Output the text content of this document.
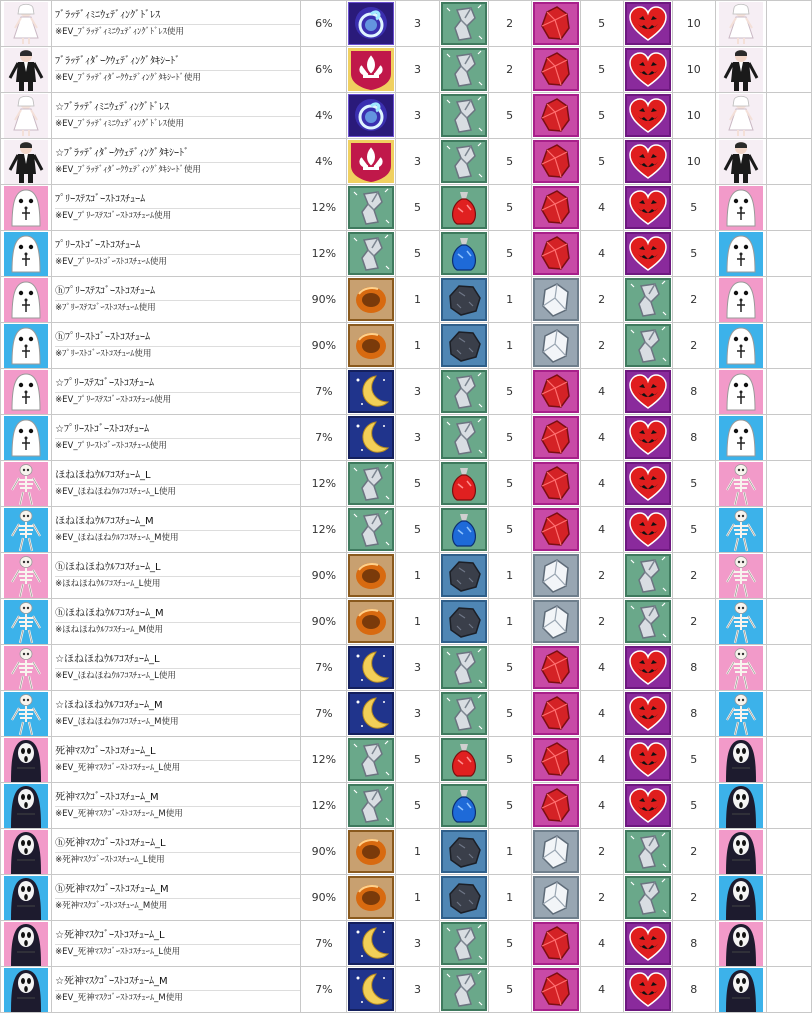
ﾌﾞﾗｯﾃﾞｨﾐﾆｳｪﾃﾞｨﾝｸﾞﾄﾞﾚｽ
※EV_ﾌﾞﾗｯﾃﾞｨﾐﾆｳｪﾃﾞｨﾝｸﾞﾄﾞﾚｽ使用	6%		3		2		5		10	

ﾌﾞﾗｯﾃﾞｨﾀﾞｰｸｳｪﾃﾞｨﾝｸﾞﾀｷｼｰﾄﾞ
※EV_ﾌﾞﾗｯﾃﾞｨﾀﾞｰｸｳｪﾃﾞｨﾝｸﾞﾀｷｼｰﾄﾞ使用	6%		3		2		5		10	

☆ﾌﾞﾗｯﾃﾞｨﾐﾆｳｪﾃﾞｨﾝｸﾞﾄﾞﾚｽ
※EV_ﾌﾞﾗｯﾃﾞｨﾐﾆｳｪﾃﾞｨﾝｸﾞﾄﾞﾚｽ使用	4%		3		5		5		10	

☆ﾌﾞﾗｯﾃﾞｨﾀﾞｰｸｳｪﾃﾞｨﾝｸﾞﾀｷｼｰﾄﾞ
※EV_ﾌﾞﾗｯﾃﾞｨﾀﾞｰｸｳｪﾃﾞｨﾝｸﾞﾀｷｼｰﾄﾞ使用	4%		3		5		5		10	

ﾌﾟﾘｰｽﾃｽｺﾞｰｽﾄｺｽﾁｭｰﾑ
※EV_ﾌﾟﾘｰｽﾃｽｺﾞｰｽﾄｺｽﾁｭｰﾑ使用	12%		5		5		4		5	

ﾌﾟﾘｰｽﾄｺﾞｰｽﾄｺｽﾁｭｰﾑ
※EV_ﾌﾟﾘｰｽﾄｺﾞｰｽﾄｺｽﾁｭｰﾑ使用	12%		5		5		4		5	

ⓗﾌﾟﾘｰｽﾃｽｺﾞｰｽﾄｺｽﾁｭｰﾑ
※ﾌﾟﾘｰｽﾃｽｺﾞｰｽﾄｺｽﾁｭｰﾑ使用	90%		1		1		2		2	

ⓗﾌﾟﾘｰｽﾄｺﾞｰｽﾄｺｽﾁｭｰﾑ
※ﾌﾟﾘｰｽﾄｺﾞｰｽﾄｺｽﾁｭｰﾑ使用	90%		1		1		2		2	

☆ﾌﾟﾘｰｽﾃｽｺﾞｰｽﾄｺｽﾁｭｰﾑ
※EV_ﾌﾟﾘｰｽﾃｽｺﾞｰｽﾄｺｽﾁｭｰﾑ使用	7%		3		5		4		8	

☆ﾌﾟﾘｰｽﾄｺﾞｰｽﾄｺｽﾁｭｰﾑ
※EV_ﾌﾟﾘｰｽﾄｺﾞｰｽﾄｺｽﾁｭｰﾑ使用	7%		3		5		4		8	

ほねほねｳﾙﾌｺｽﾁｭｰﾑ_L
※EV_ほねほねｳﾙﾌｺｽﾁｭｰﾑ_L使用	12%		5		5		4		5	

ほねほねｳﾙﾌｺｽﾁｭｰﾑ_M
※EV_ほねほねｳﾙﾌｺｽﾁｭｰﾑ_M使用	12%		5		5		4		5	

ⓗほねほねｳﾙﾌｺｽﾁｭｰﾑ_L
※ほねほねｳﾙﾌｺｽﾁｭｰﾑ_L使用	90%		1		1		2		2	

ⓗほねほねｳﾙﾌｺｽﾁｭｰﾑ_M
※ほねほねｳﾙﾌｺｽﾁｭｰﾑ_M使用	90%		1		1		2		2	

☆ほねほねｳﾙﾌｺｽﾁｭｰﾑ_L
※EV_ほねほねｳﾙﾌｺｽﾁｭｰﾑ_L使用	7%		3		5		4		8	

☆ほねほねｳﾙﾌｺｽﾁｭｰﾑ_M
※EV_ほねほねｳﾙﾌｺｽﾁｭｰﾑ_M使用	7%		3		5		4		8	

死神ﾏｽｸｺﾞｰｽﾄｺｽﾁｭｰﾑ_L
※EV_死神ﾏｽｸｺﾞｰｽﾄｺｽﾁｭｰﾑ_L使用	12%		5		5		4		5	

死神ﾏｽｸｺﾞｰｽﾄｺｽﾁｭｰﾑ_M
※EV_死神ﾏｽｸｺﾞｰｽﾄｺｽﾁｭｰﾑ_M使用	12%		5		5		4		5	

ⓗ死神ﾏｽｸｺﾞｰｽﾄｺｽﾁｭｰﾑ_L
※死神ﾏｽｸｺﾞｰｽﾄｺｽﾁｭｰﾑ_L使用	90%		1		1		2		2	

ⓗ死神ﾏｽｸｺﾞｰｽﾄｺｽﾁｭｰﾑ_M
※死神ﾏｽｸｺﾞｰｽﾄｺｽﾁｭｰﾑ_M使用	90%		1		1		2		2	

☆死神ﾏｽｸｺﾞｰｽﾄｺｽﾁｭｰﾑ_L
※EV_死神ﾏｽｸｺﾞｰｽﾄｺｽﾁｭｰﾑ_L使用	7%		3		5		4		8	

☆死神ﾏｽｸｺﾞｰｽﾄｺｽﾁｭｰﾑ_M
※EV_死神ﾏｽｸｺﾞｰｽﾄｺｽﾁｭｰﾑ_M使用	7%		3		5		4		8	
